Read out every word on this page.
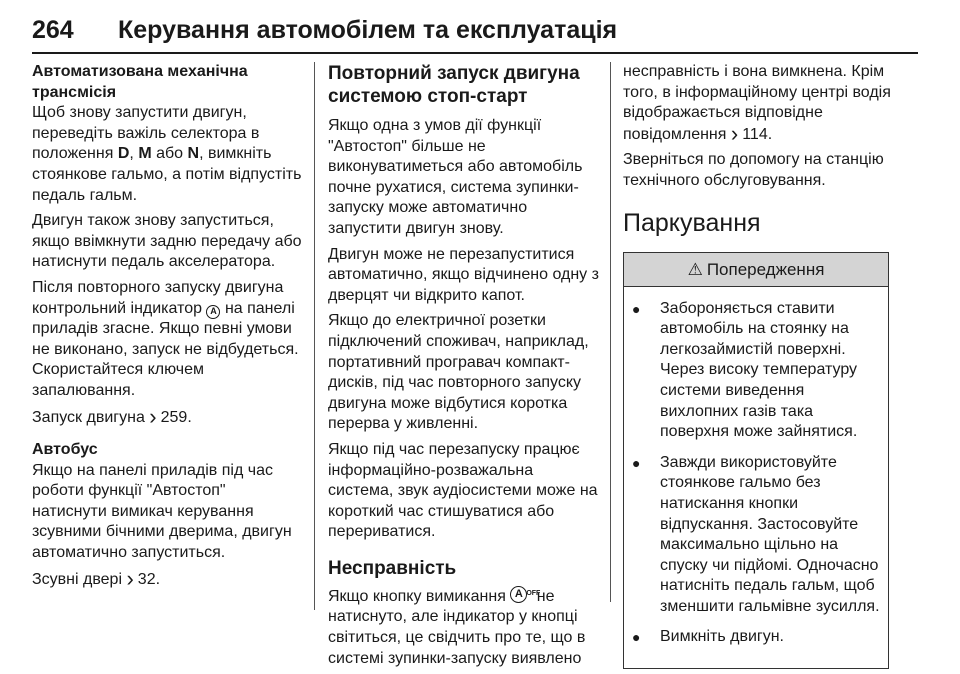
264 Керування автомобілем та експлуатація
Автоматизована механічна трансмісія

Щоб знову запустити двигун, переведіть важіль селектора в положення D, M або N, вимкніть стоянкове гальмо, а потім відпустіть педаль гальм.

Двигун також знову запуститься, якщо ввімкнути задню передачу або натиснути педаль акселератора.

Після повторного запуску двигуна контрольний індикатор A на панелі приладів згасне. Якщо певні умови не виконано, запуск не відбудеться. Скористайтеся ключем запалювання.

Запуск двигуна › 259.

Автобус

Якщо на панелі приладів під час роботи функції "Автостоп" натиснути вимикач керування зсувними бічними дверима, двигун автоматично запуститься.

Зсувні двері › 32.

Повторний запуск двигуна системою стоп-старт

Якщо одна з умов дії функції "Автостоп" більше не виконуватиметься або автомобіль почне рухатися, система зупинки-запуску може автоматично запустити двигун знову.

Двигун може не перезапуститися автоматично, якщо відчинено одну з дверцят чи відкрито капот.

Якщо до електричної розетки підключений споживач, наприклад, портативний програвач компакт-дисків, під час повторного запуску двигуна може відбутися коротка перерва у живленні.

Якщо під час перезапуску працює інформаційно-розважальна система, звук аудіосистеми може на короткий час стишуватися або перериватися.

Несправність

Якщо кнопку вимикання A OFF
не натиснуто, але індикатор у кнопці світиться, це свідчить про те, що в системі зупинки-запуску виявлено

несправність і вона вимкнена. Крім того, в інформаційному центрі водія відображається відповідне повідомлення › 114.

Зверніться по допомогу на станцію технічного обслуговування.

Паркування
⚠ Попередження
●	Забороняється ставити автомобіль на стоянку на легкозаймистій поверхні. Через високу температуру системи виведення вихлопних газів така поверхня може зайнятися.
●	Завжди використовуйте стоянкове гальмо без натискання кнопки відпускання. Застосовуйте максимально щільно на спуску чи підйомі. Одночасно натисніть педаль гальм, щоб зменшити гальмівне зусилля.
●	Вимкніть двигун.
